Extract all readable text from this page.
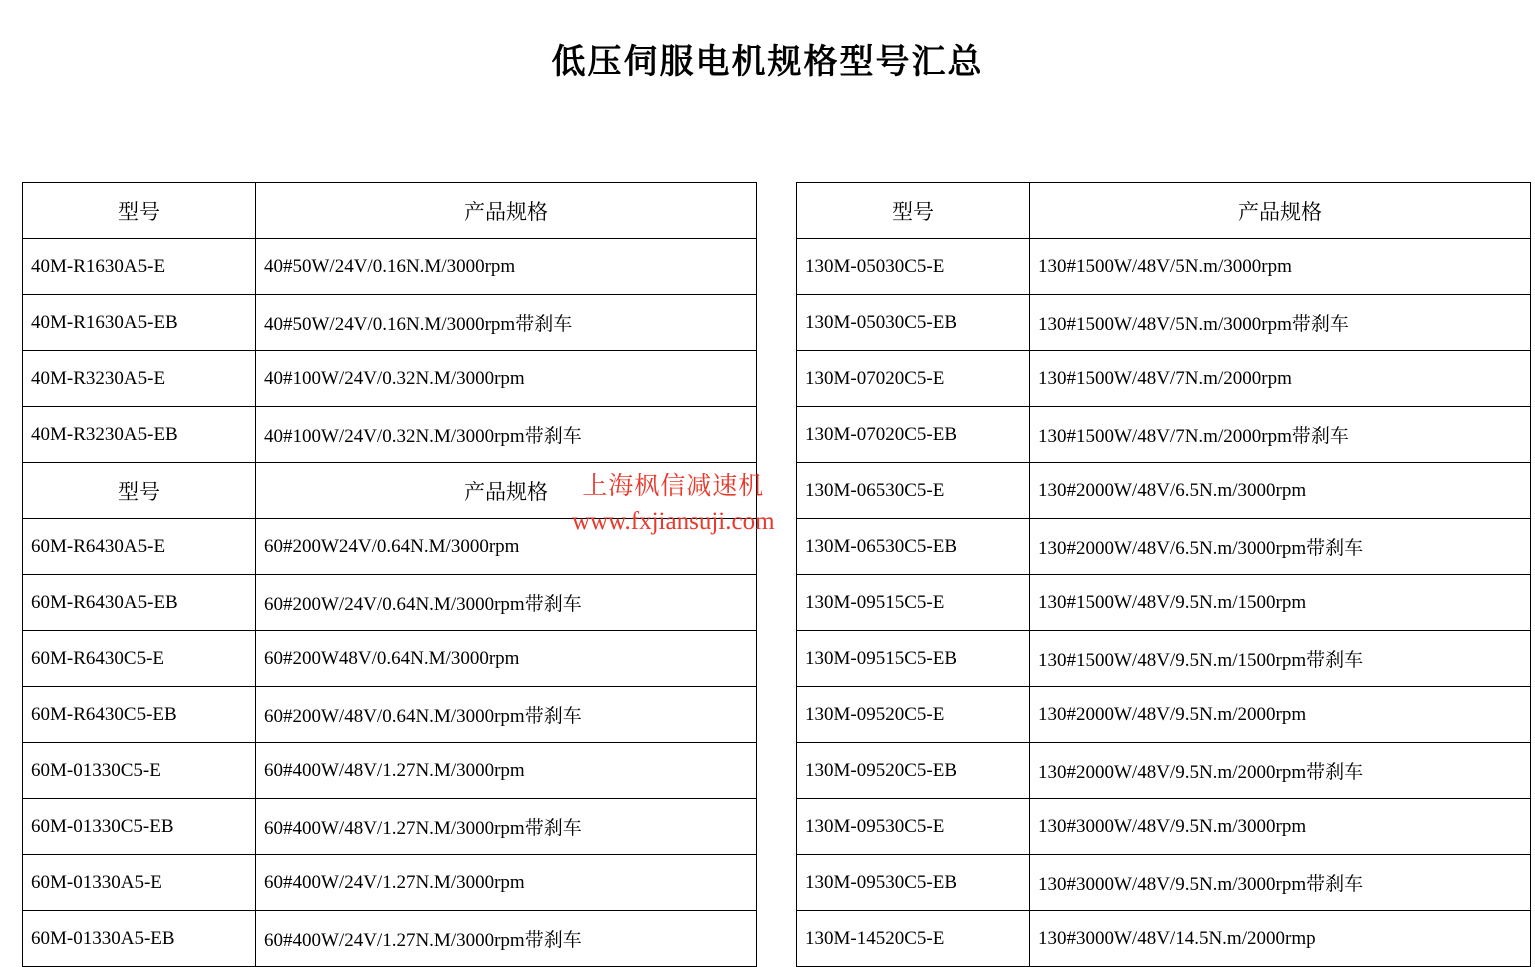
低压伺服电机规格型号汇总
型号	产品规格
40M-R1630A5-E	40#50W/24V/0.16N.M/3000rpm
40M-R1630A5-EB	40#50W/24V/0.16N.M/3000rpm带刹车
40M-R3230A5-E	40#100W/24V/0.32N.M/3000rpm
40M-R3230A5-EB	40#100W/24V/0.32N.M/3000rpm带刹车
型号	产品规格
60M-R6430A5-E	60#200W24V/0.64N.M/3000rpm
60M-R6430A5-EB	60#200W/24V/0.64N.M/3000rpm带刹车
60M-R6430C5-E	60#200W48V/0.64N.M/3000rpm
60M-R6430C5-EB	60#200W/48V/0.64N.M/3000rpm带刹车
60M-01330C5-E	60#400W/48V/1.27N.M/3000rpm
60M-01330C5-EB	60#400W/48V/1.27N.M/3000rpm带刹车
60M-01330A5-E	60#400W/24V/1.27N.M/3000rpm
60M-01330A5-EB	60#400W/24V/1.27N.M/3000rpm带刹车
型号	产品规格
130M-05030C5-E	130#1500W/48V/5N.m/3000rpm
130M-05030C5-EB	130#1500W/48V/5N.m/3000rpm带刹车
130M-07020C5-E	130#1500W/48V/7N.m/2000rpm
130M-07020C5-EB	130#1500W/48V/7N.m/2000rpm带刹车
130M-06530C5-E	130#2000W/48V/6.5N.m/3000rpm
130M-06530C5-EB	130#2000W/48V/6.5N.m/3000rpm带刹车
130M-09515C5-E	130#1500W/48V/9.5N.m/1500rpm
130M-09515C5-EB	130#1500W/48V/9.5N.m/1500rpm带刹车
130M-09520C5-E	130#2000W/48V/9.5N.m/2000rpm
130M-09520C5-EB	130#2000W/48V/9.5N.m/2000rpm带刹车
130M-09530C5-E	130#3000W/48V/9.5N.m/3000rpm
130M-09530C5-EB	130#3000W/48V/9.5N.m/3000rpm带刹车
130M-14520C5-E	130#3000W/48V/14.5N.m/2000rmp
上海枫信减速机
www.fxjiansuji.com
